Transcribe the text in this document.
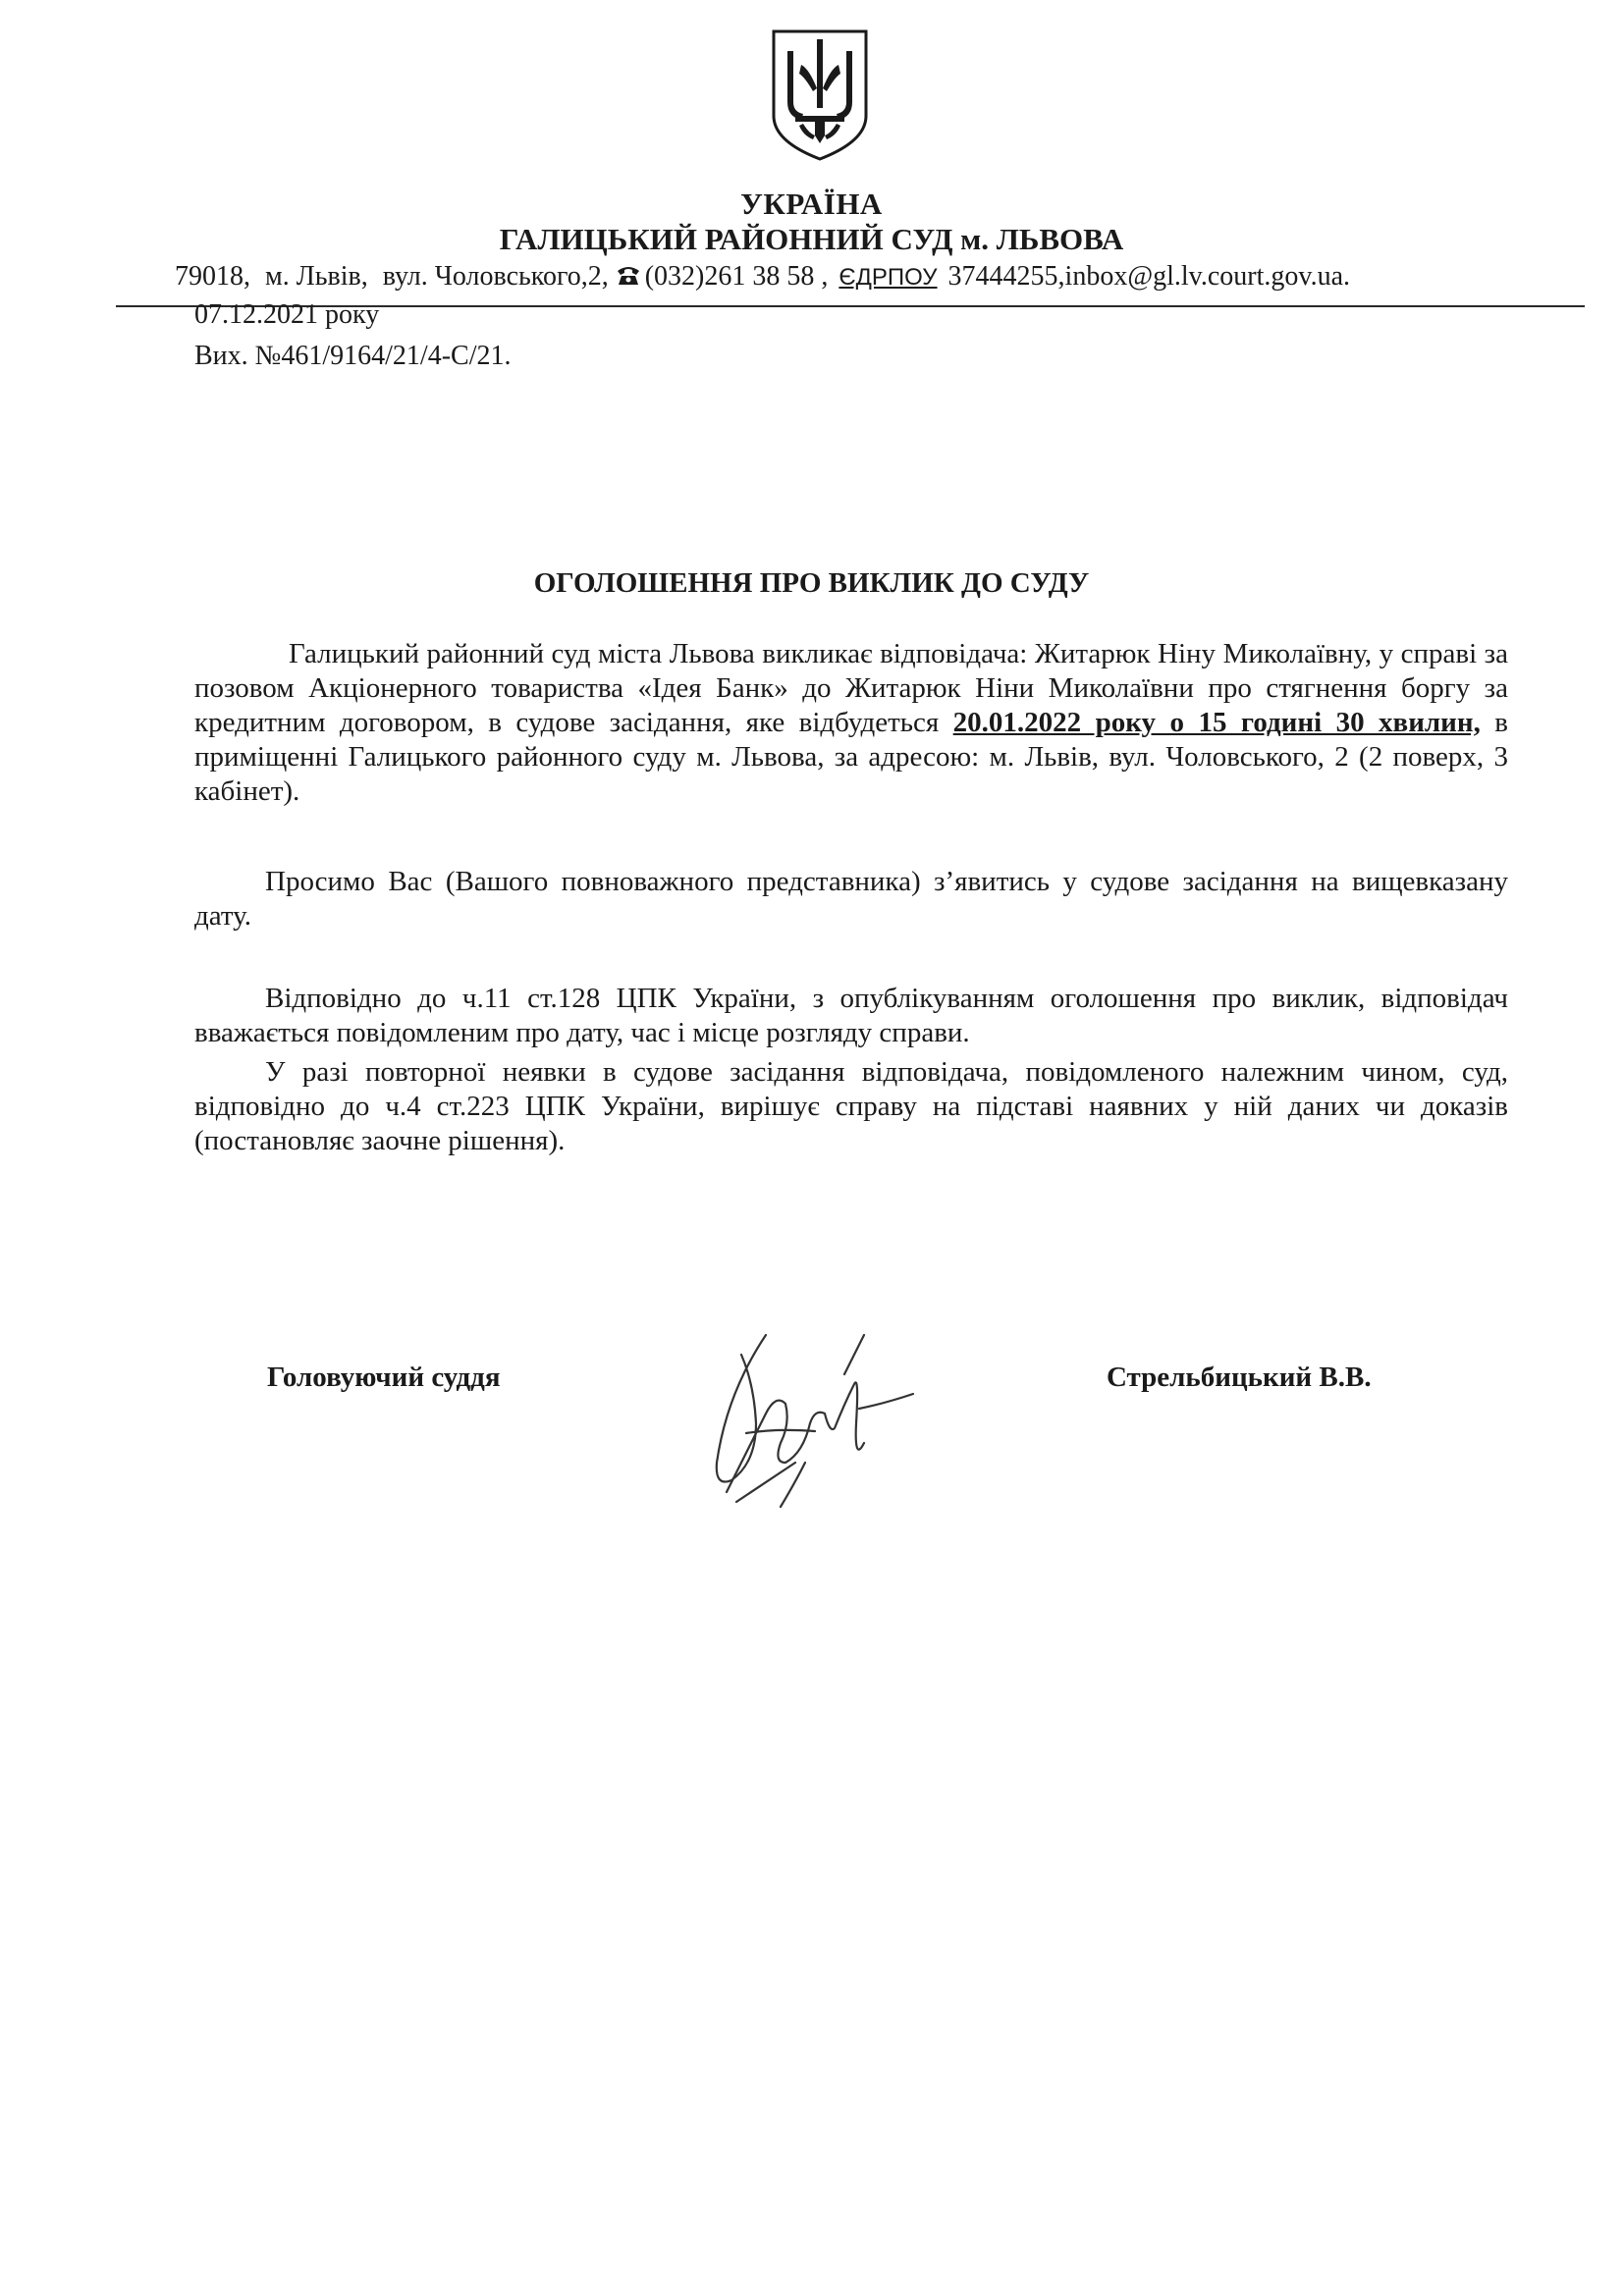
УКРАЇНА
ГАЛИЦЬКИЙ РАЙОННИЙ СУД м. ЛЬВОВА
79018, м. Львів, вул. Чоловського,2, (032)261 38 58 , ЄДРПОУ 37444255,inbox@gl.lv.court.gov.ua.
07.12.2021 року
Вих. №461/9164/21/4-С/21.
ОГОЛОШЕННЯ ПРО ВИКЛИК ДО СУДУ
Галицький районний суд міста Львова викликає відповідача: Житарюк Ніну Миколаївну, у справі за позовом Акціонерного товариства «Ідея Банк» до Житарюк Ніни Миколаївни про стягнення боргу за кредитним договором, в судове засідання, яке відбудеться 20.01.2022 року о 15 годині 30 хвилин, в приміщенні Галицького районного суду м. Львова, за адресою: м. Львів, вул. Чоловського, 2 (2 поверх, 3 кабінет).
Просимо Вас (Вашого повноважного представника) з’явитись у судове засідання на вищевказану дату.
Відповідно до ч.11 ст.128 ЦПК України, з опублікуванням оголошення про виклик, відповідач вважається повідомленим про дату, час і місце розгляду справи.
У разі повторної неявки в судове засідання відповідача, повідомленого належним чином, суд, відповідно до ч.4 ст.223 ЦПК України, вирішує справу на підставі наявних у ній даних чи доказів (постановляє заочне рішення).
Головуючий суддя	Стрельбицький В.В.
